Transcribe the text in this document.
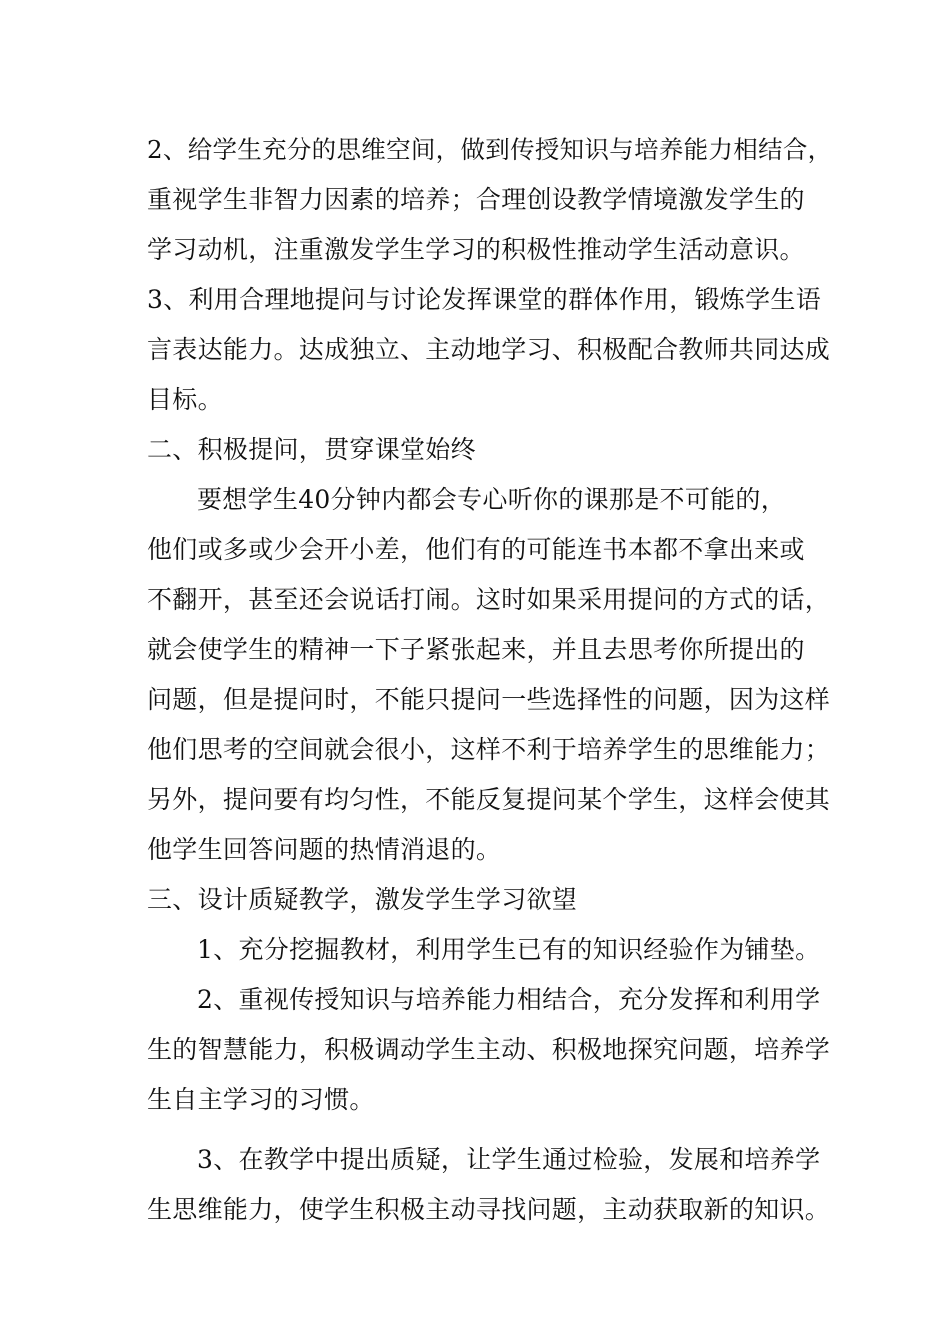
2、给学生充分的思维空间，做到传授知识与培养能力相结合，
重视学生非智力因素的培养；合理创设教学情境激发学生的
学习动机，注重激发学生学习的积极性推动学生活动意识。
3、利用合理地提问与讨论发挥课堂的群体作用，锻炼学生语
言表达能力。达成独立、主动地学习、积极配合教师共同达成
目标。
二、积极提问，贯穿课堂始终
要想学生40分钟内都会专心听你的课那是不可能的，
他们或多或少会开小差，他们有的可能连书本都不拿出来或
不翻开，甚至还会说话打闹。这时如果采用提问的方式的话，
就会使学生的精神一下子紧张起来，并且去思考你所提出的
问题，但是提问时，不能只提问一些选择性的问题，因为这样
他们思考的空间就会很小，这样不利于培养学生的思维能力；
另外，提问要有均匀性，不能反复提问某个学生，这样会使其
他学生回答问题的热情消退的。
三、设计质疑教学，激发学生学习欲望
1、充分挖掘教材，利用学生已有的知识经验作为铺垫。
2、重视传授知识与培养能力相结合，充分发挥和利用学
生的智慧能力，积极调动学生主动、积极地探究问题，培养学
生自主学习的习惯。
3、在教学中提出质疑，让学生通过检验，发展和培养学
生思维能力，使学生积极主动寻找问题，主动获取新的知识。
